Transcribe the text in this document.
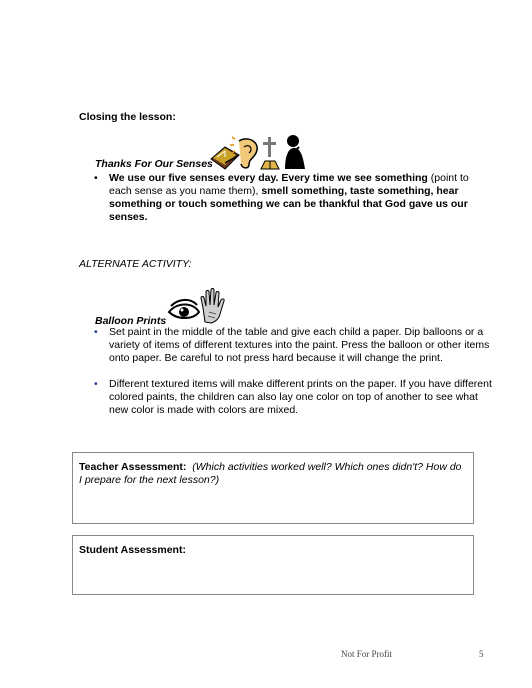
Closing the lesson:
Thanks For Our Senses
• We use our five senses every day. Every time we see something (point to each sense as you name them), smell something, taste something, hear something or touch something we can be thankful that God gave us our senses.
ALTERNATE ACTIVITY:
Balloon Prints
• Set paint in the middle of the table and give each child a paper. Dip balloons or a variety of items of different textures into the paint. Press the balloon or other items onto paper. Be careful to not press hard because it will change the print.
• Different textured items will make different prints on the paper. If you have different colored paints, the children can also lay one color on top of another to see what new color is made with colors are mixed.
Teacher Assessment: (Which activities worked well? Which ones didn't? How do I prepare for the next lesson?)
Student Assessment:
Not For Profit	5
